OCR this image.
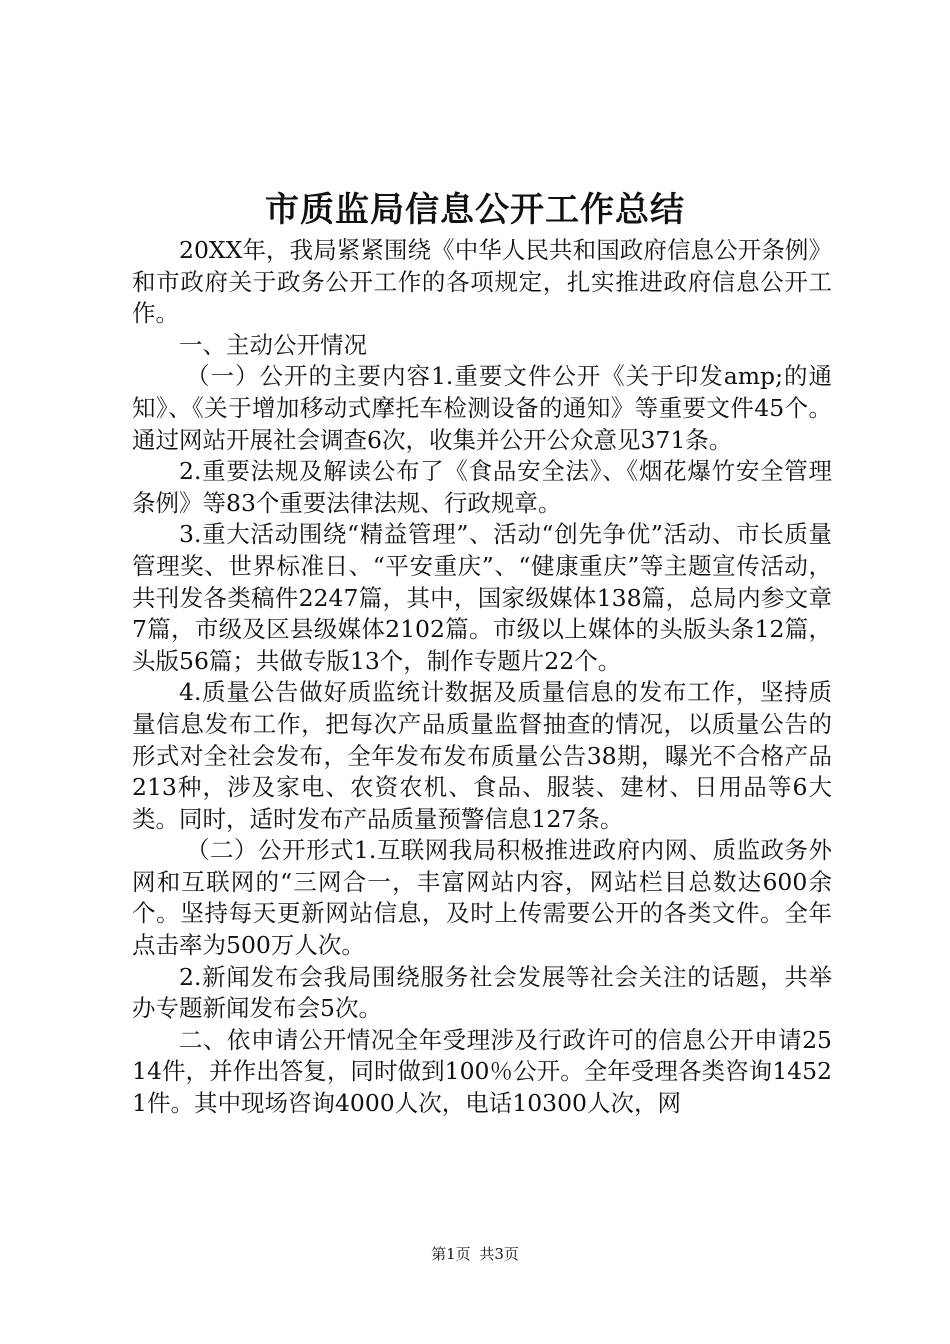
市质监局信息公开工作总结

20XX年，我局紧紧围绕《中华人民共和国政府信息公开条例》和市政府关于政务公开工作的各项规定，扎实推进政府信息公开工作。

一、主动公开情况

（一）公开的主要内容1.重要文件公开《关于印发amp;的通知》、《关于增加移动式摩托车检测设备的通知》等重要文件45个。通过网站开展社会调查6次，收集并公开公众意见371条。

2.重要法规及解读公布了《食品安全法》、《烟花爆竹安全管理条例》等83个重要法律法规、行政规章。

3.重大活动围绕“精益管理”、活动“创先争优”活动、市长质量管理奖、世界标准日、“平安重庆”、“健康重庆”等主题宣传活动，共刊发各类稿件2247篇，其中，国家级媒体138篇，总局内参文章7篇，市级及区县级媒体2102篇。市级以上媒体的头版头条12篇，头版56篇；共做专版13个，制作专题片22个。

4.质量公告做好质监统计数据及质量信息的发布工作，坚持质量信息发布工作，把每次产品质量监督抽查的情况，以质量公告的形式对全社会发布，全年发布发布质量公告38期，曝光不合格产品213种，涉及家电、农资农机、食品、服装、建材、日用品等6大类。同时，适时发布产品质量预警信息127条。

（二）公开形式1.互联网我局积极推进政府内网、质监政务外网和互联网的“三网合一，丰富网站内容，网站栏目总数达600余个。坚持每天更新网站信息，及时上传需要公开的各类文件。全年点击率为500万人次。

2.新闻发布会我局围绕服务社会发展等社会关注的话题，共举办专题新闻发布会5次。

二、依申请公开情况全年受理涉及行政许可的信息公开申请2514件，并作出答复，同时做到100％公开。全年受理各类咨询14521件。其中现场咨询4000人次，电话10300人次，网

第1页 共3页
